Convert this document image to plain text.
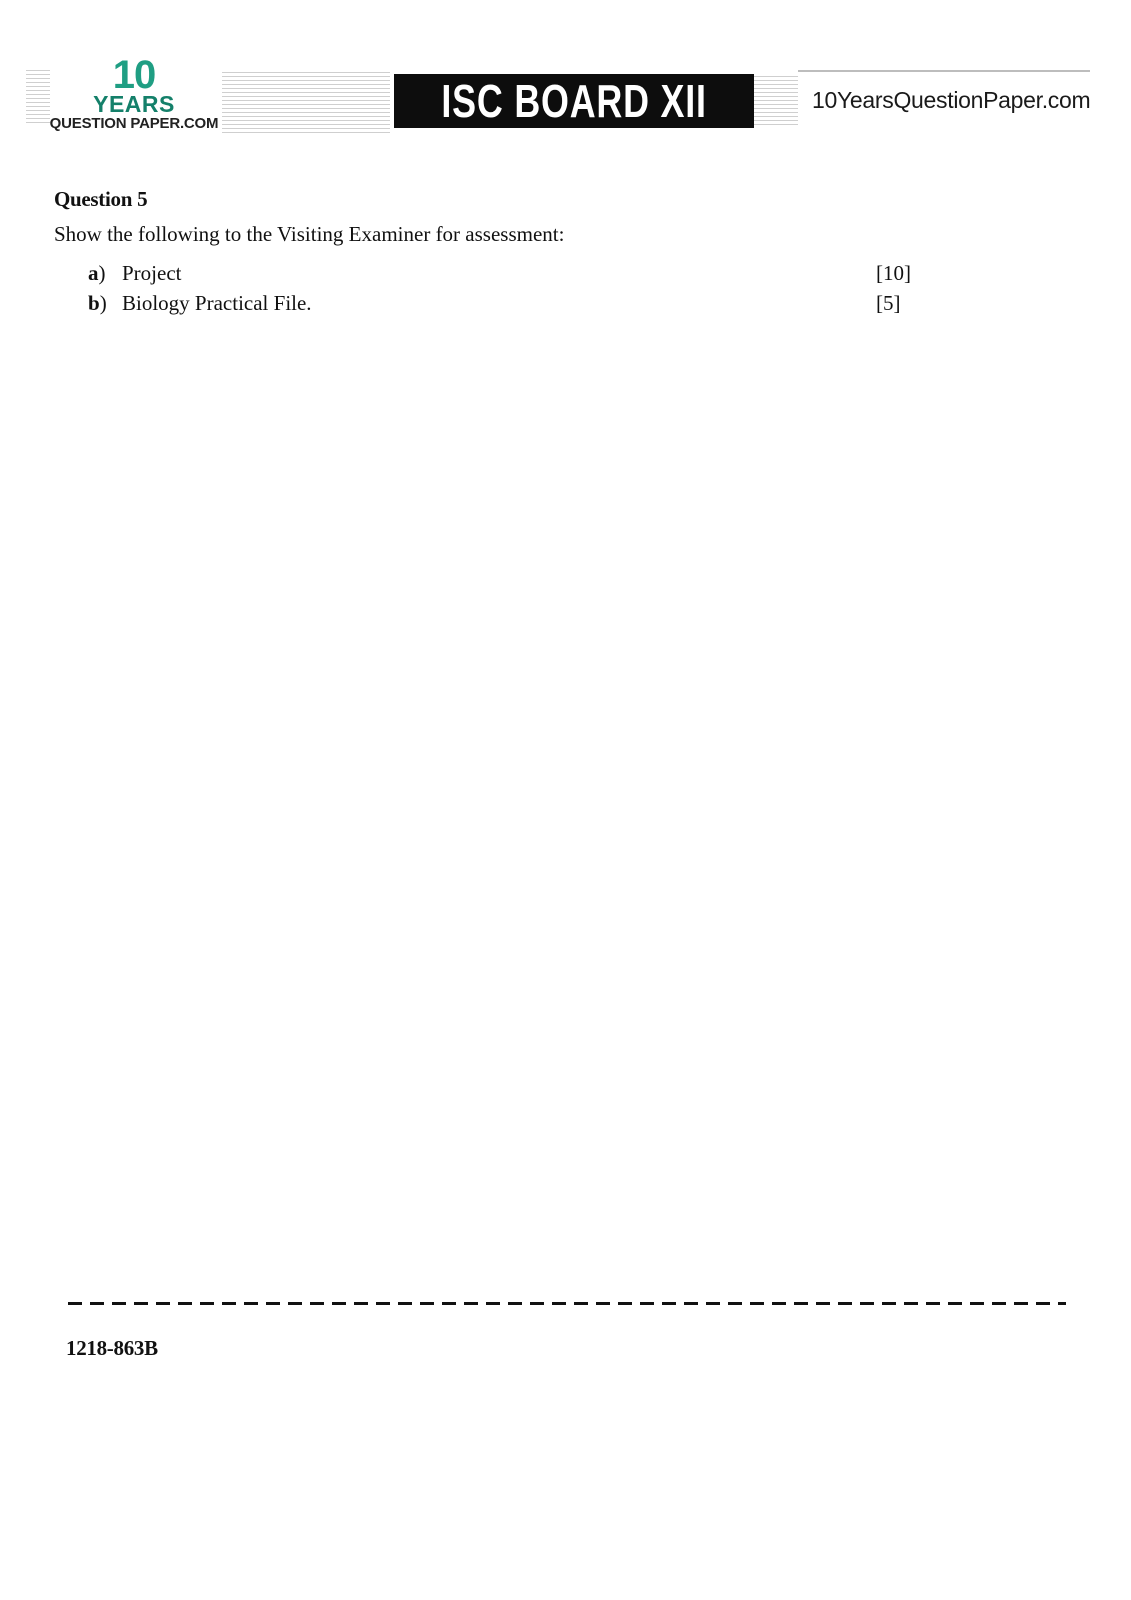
10
YEARS
QUESTION PAPER.COM	ISC BOARD XII	10YearsQuestionPaper.com
Question 5
Show the following to the Visiting Examiner for assessment:
a) Project	[10]
b) Biology Practical File.	[5]
1218-863B
